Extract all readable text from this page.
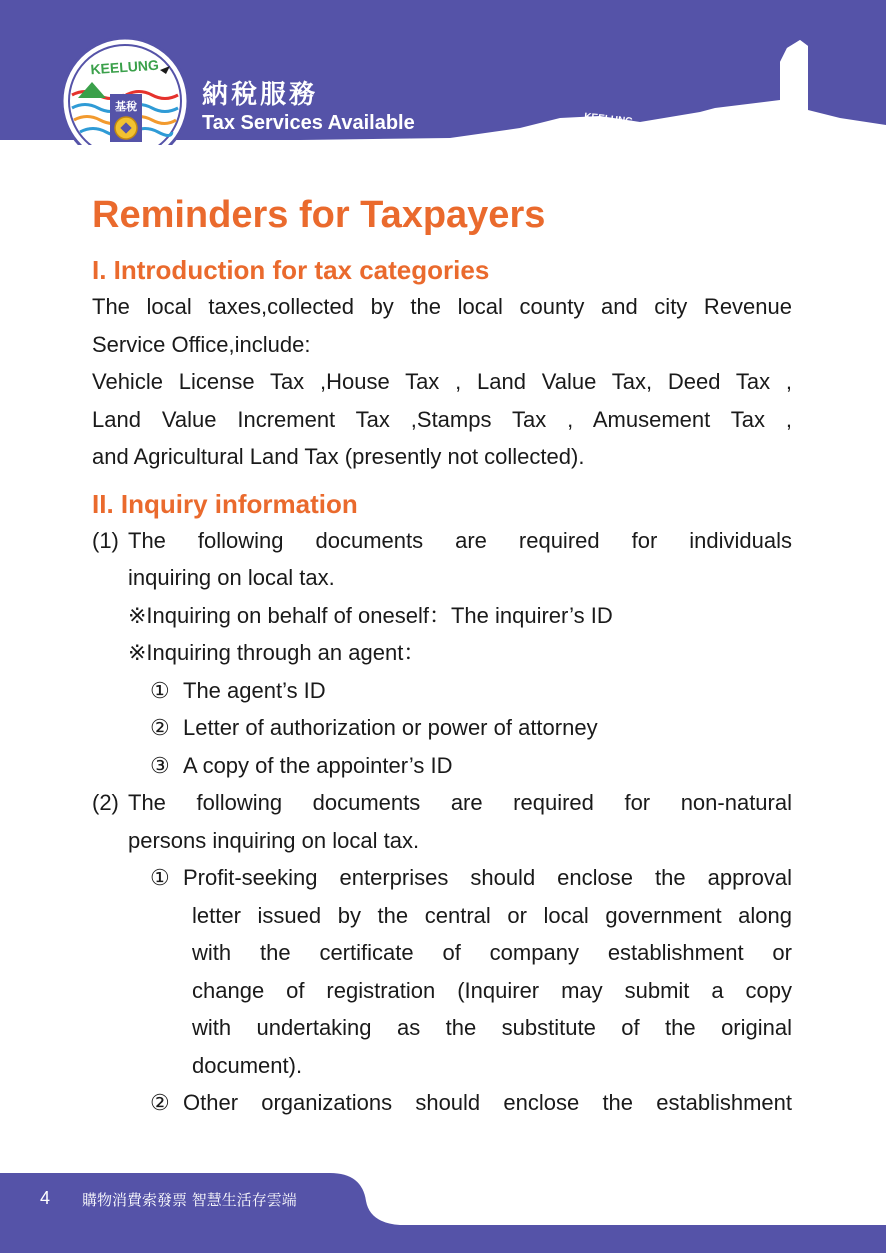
基稅
KEELUNG
納稅服務
Tax Services Available	KEELUNG
Reminders for Taxpayers
I. Introduction for tax categories

The local taxes,collected by the local county and city Revenue

Service Office,include:

Vehicle License Tax ,House Tax , Land Value Tax, Deed Tax ,

Land Value Increment Tax ,Stamps Tax , Amusement Tax ,

and Agricultural Land Tax (presently not collected).

II. Inquiry information
(1) The following documents are required for individuals

inquiring on local tax.

※Inquiring on behalf of oneself：The inquirer’s ID

※Inquiring through an agent：

① The agent’s ID
② Letter of authorization or power of attorney
③ A copy of the appointer’s ID
(2) The following documents are required for non-natural

persons inquiring on local tax.

① Profit-seeking enterprises should enclose the approval

letter issued by the central or local government along

with the certificate of company establishment or

change of registration (Inquirer may submit a copy

with undertaking as the substitute of the original

document).

② Other organizations should enclose the establishment
4 購物消費索發票 智慧生活存雲端
